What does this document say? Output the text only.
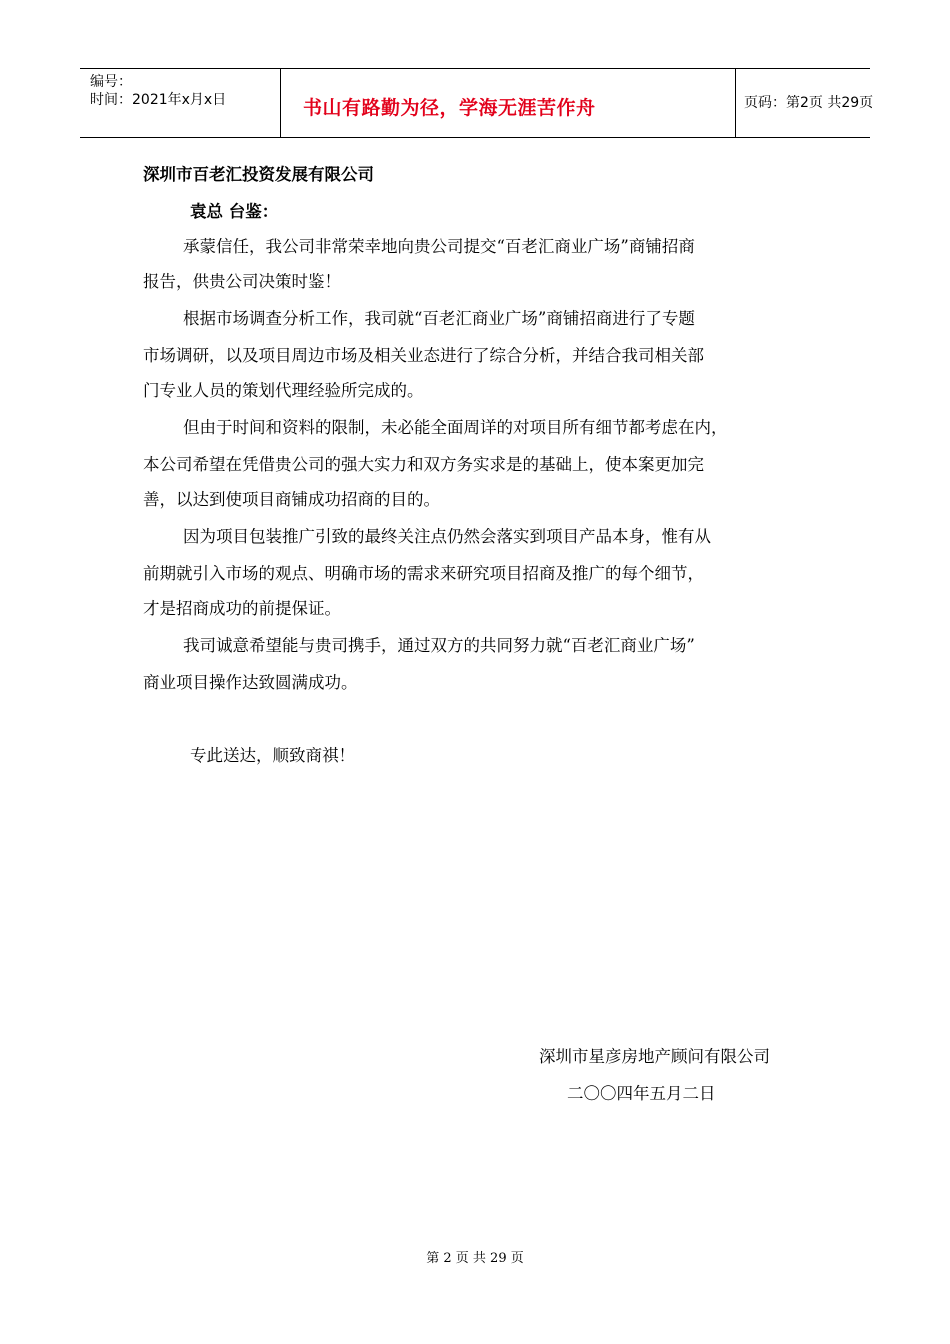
编号：
时间：2021年x月x日	书山有路勤为径，学海无涯苦作舟	页码：第2页 共29页
深圳市百老汇投资发展有限公司
袁总 台鉴：
承蒙信任，我公司非常荣幸地向贵公司提交“百老汇商业广场”商铺招商
报告，供贵公司决策时鉴！
根据市场调查分析工作，我司就“百老汇商业广场”商铺招商进行了专题
市场调研，以及项目周边市场及相关业态进行了综合分析，并结合我司相关部
门专业人员的策划代理经验所完成的。
但由于时间和资料的限制，未必能全面周详的对项目所有细节都考虑在内，
本公司希望在凭借贵公司的强大实力和双方务实求是的基础上，使本案更加完
善，以达到使项目商铺成功招商的目的。
因为项目包装推广引致的最终关注点仍然会落实到项目产品本身，惟有从
前期就引入市场的观点、明确市场的需求来研究项目招商及推广的每个细节，
才是招商成功的前提保证。
我司诚意希望能与贵司携手，通过双方的共同努力就“百老汇商业广场”
商业项目操作达致圆满成功。
专此送达，顺致商祺！
深圳市星彦房地产顾问有限公司
二〇〇四年五月二日
第 2 页 共 29 页
